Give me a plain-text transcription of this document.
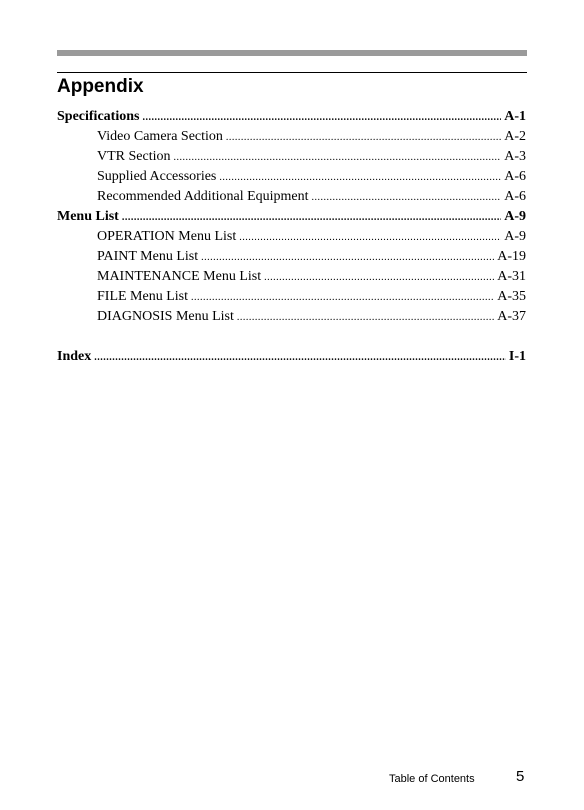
Appendix
Specifications .....	A-1
Video Camera Section .....	A-2
VTR Section .....	A-3
Supplied Accessories .....	A-6
Recommended Additional Equipment .....	A-6
Menu List .....	A-9
OPERATION Menu List .....	A-9
PAINT Menu List .....	A-19
MAINTENANCE Menu List .....	A-31
FILE Menu List .....	A-35
DIAGNOSIS Menu List .....	A-37
Index .....	I-1
Table of Contents	5
